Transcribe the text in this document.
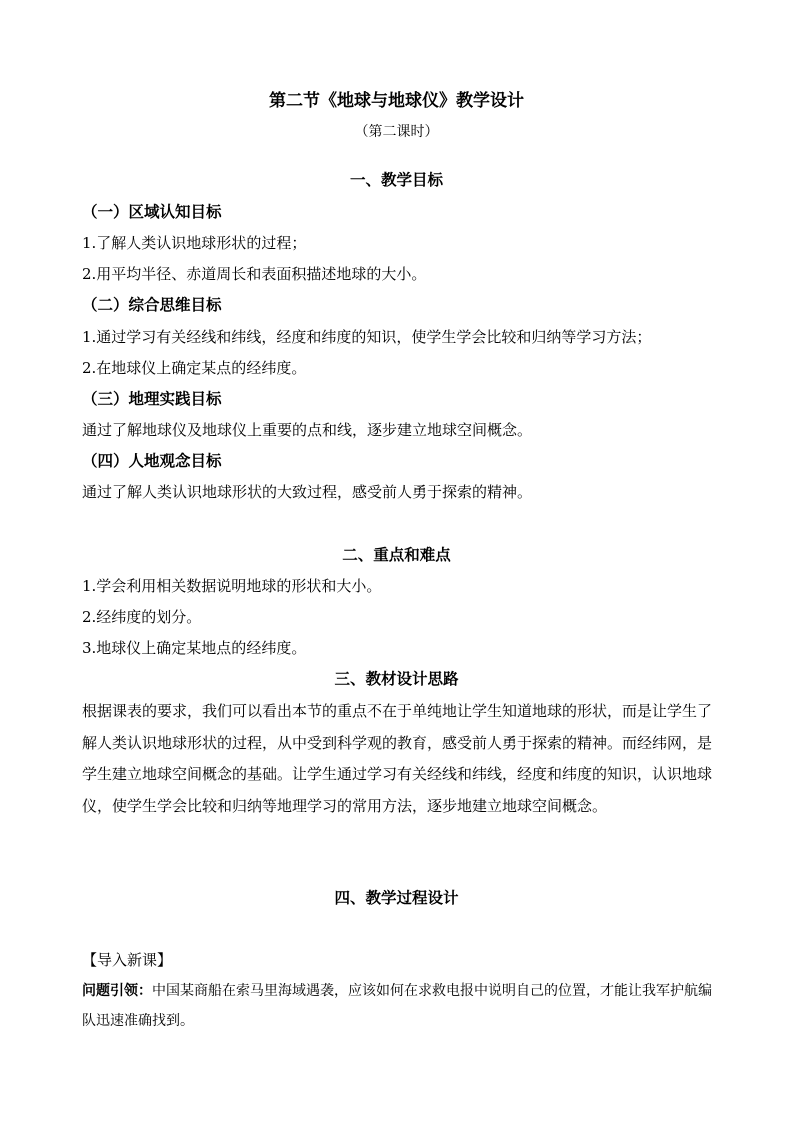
第二节《地球与地球仪》教学设计
（第二课时）
一、教学目标
（一）区域认知目标
1.了解人类认识地球形状的过程；
2.用平均半径、赤道周长和表面积描述地球的大小。
（二）综合思维目标
1.通过学习有关经线和纬线，经度和纬度的知识，使学生学会比较和归纳等学习方法；
2.在地球仪上确定某点的经纬度。
（三）地理实践目标
通过了解地球仪及地球仪上重要的点和线，逐步建立地球空间概念。
（四）人地观念目标
通过了解人类认识地球形状的大致过程，感受前人勇于探索的精神。
二、重点和难点
1.学会利用相关数据说明地球的形状和大小。
2.经纬度的划分。
3.地球仪上确定某地点的经纬度。
三、教材设计思路
根据课表的要求，我们可以看出本节的重点不在于单纯地让学生知道地球的形状，而是让学生了解人类认识地球形状的过程，从中受到科学观的教育，感受前人勇于探索的精神。而经纬网，是学生建立地球空间概念的基础。让学生通过学习有关经线和纬线，经度和纬度的知识，认识地球仪，使学生学会比较和归纳等地理学习的常用方法，逐步地建立地球空间概念。
四、教学过程设计
【导入新课】
问题引领：中国某商船在索马里海域遇袭，应该如何在求救电报中说明自己的位置，才能让我军护航编队迅速准确找到。
